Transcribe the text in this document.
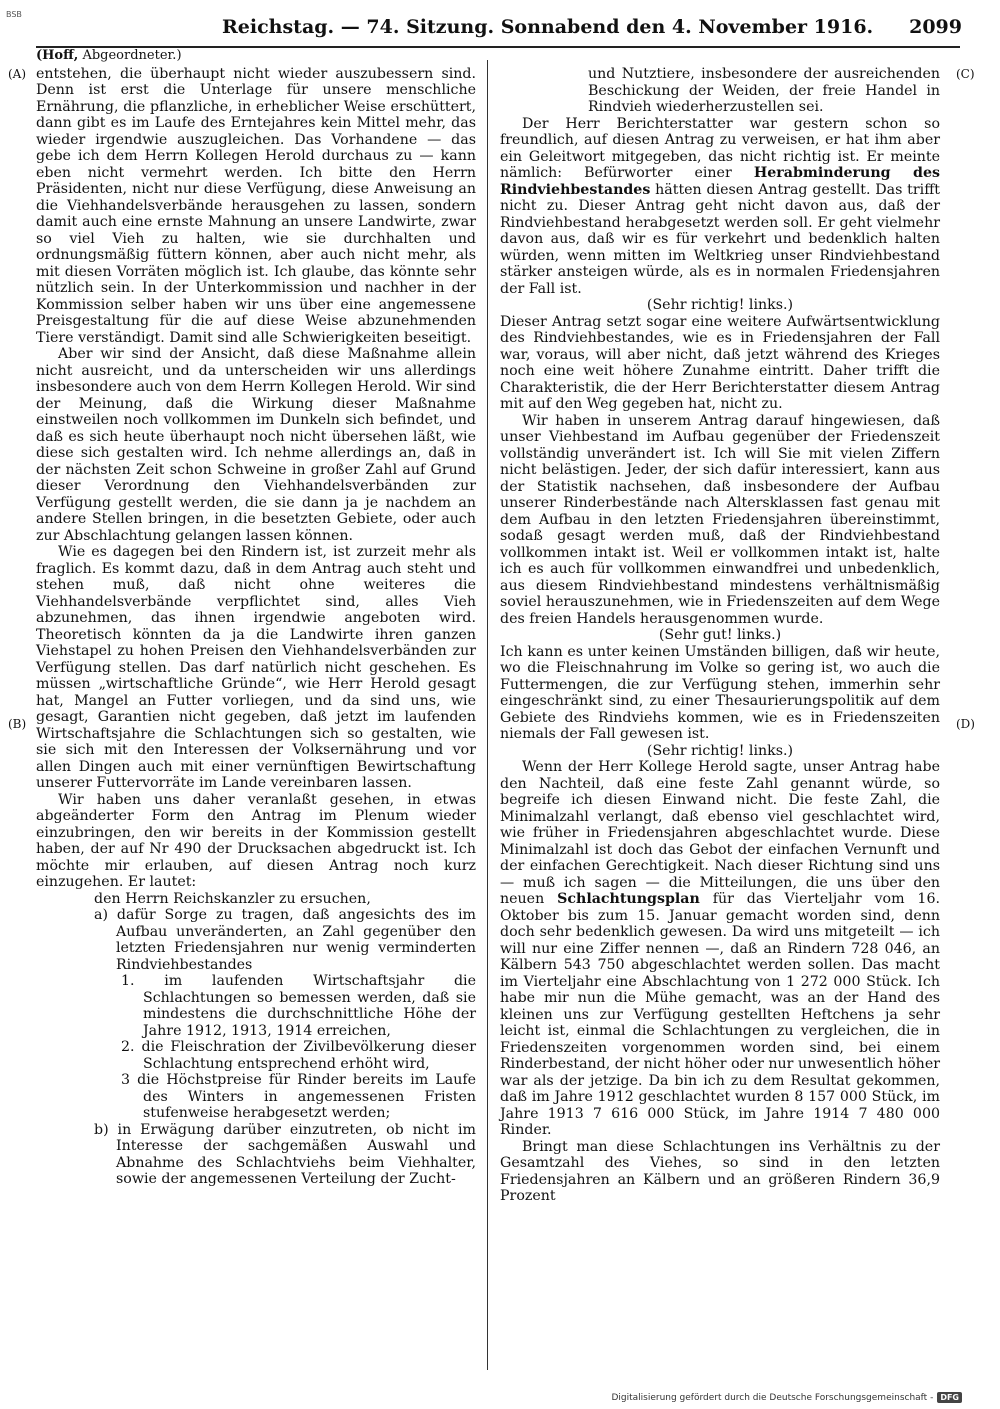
BSB
Reichstag. — 74. Sitzung. Sonnabend den 4. November 1916. 2099
(A)
(B)
(C)
(D)

(Hoff, Abgeordneter.)

entstehen, die überhaupt nicht wieder auszubessern sind. Denn ist erst die Unterlage für unsere menschliche Ernährung, die pflanzliche, in erheblicher Weise erschüttert, dann gibt es im Laufe des Erntejahres kein Mittel mehr, das wieder irgendwie auszugleichen. Das Vorhandene — das gebe ich dem Herrn Kollegen Herold durchaus zu — kann eben nicht vermehrt werden. Ich bitte den Herrn Präsidenten, nicht nur diese Verfügung, diese Anweisung an die Viehhandelsverbände herausgehen zu lassen, sondern damit auch eine ernste Mahnung an unsere Landwirte, zwar so viel Vieh zu halten, wie sie durchhalten und ordnungsmäßig füttern können, aber auch nicht mehr, als mit diesen Vorräten möglich ist. Ich glaube, das könnte sehr nützlich sein. In der Unterkommission und nachher in der Kommission selber haben wir uns über eine angemessene Preisgestaltung für die auf diese Weise abzunehmenden Tiere verständigt. Damit sind alle Schwierigkeiten beseitigt.

Aber wir sind der Ansicht, daß diese Maßnahme allein nicht ausreicht, und da unterscheiden wir uns allerdings insbesondere auch von dem Herrn Kollegen Herold. Wir sind der Meinung, daß die Wirkung dieser Maßnahme einstweilen noch vollkommen im Dunkeln sich befindet, und daß es sich heute überhaupt noch nicht übersehen läßt, wie diese sich gestalten wird. Ich nehme allerdings an, daß in der nächsten Zeit schon Schweine in großer Zahl auf Grund dieser Verordnung den Viehhandelsverbänden zur Verfügung gestellt werden, die sie dann ja je nachdem an andere Stellen bringen, in die besetzten Gebiete, oder auch zur Abschlachtung gelangen lassen können.

Wie es dagegen bei den Rindern ist, ist zurzeit mehr als fraglich. Es kommt dazu, daß in dem Antrag auch steht und stehen muß, daß nicht ohne weiteres die Viehhandelsverbände verpflichtet sind, alles Vieh abzunehmen, das ihnen irgendwie angeboten wird. Theoretisch könnten da ja die Landwirte ihren ganzen Viehstapel zu hohen Preisen den Viehhandelsverbänden zur Verfügung stellen. Das darf natürlich nicht geschehen. Es müssen „wirtschaftliche Gründe“, wie Herr Herold gesagt hat, Mangel an Futter vorliegen, und da sind uns, wie gesagt, Garantien nicht gegeben, daß jetzt im laufenden Wirtschaftsjahre die Schlachtungen sich so gestalten, wie sie sich mit den Interessen der Volksernährung und vor allen Dingen auch mit einer vernünftigen Bewirtschaftung unserer Futtervorräte im Lande vereinbaren lassen.

Wir haben uns daher veranlaßt gesehen, in etwas abgeänderter Form den Antrag im Plenum wieder einzubringen, den wir bereits in der Kommission gestellt haben, der auf Nr 490 der Drucksachen abgedruckt ist. Ich möchte mir erlauben, auf diesen Antrag noch kurz einzugehen. Er lautet:

den Herrn Reichskanzler zu ersuchen,

a) dafür Sorge zu tragen, daß angesichts des im Aufbau unveränderten, an Zahl gegenüber den letzten Friedensjahren nur wenig verminderten Rindviehbestandes

1. im laufenden Wirtschaftsjahr die Schlachtungen so bemessen werden, daß sie mindestens die durchschnittliche Höhe der Jahre 1912, 1913, 1914 erreichen,

2. die Fleischration der Zivilbevölkerung dieser Schlachtung entsprechend erhöht wird,

3 die Höchstpreise für Rinder bereits im Laufe des Winters in angemessenen Fristen stufenweise herabgesetzt werden;

b) in Erwägung darüber einzutreten, ob nicht im Interesse der sachgemäßen Auswahl und Abnahme des Schlachtviehs beim Viehhalter, sowie der angemessenen Verteilung der Zucht-

und Nutztiere, insbesondere der ausreichenden Beschickung der Weiden, der freie Handel in Rindvieh wiederherzustellen sei.

Der Herr Berichterstatter war gestern schon so freundlich, auf diesen Antrag zu verweisen, er hat ihm aber ein Geleitwort mitgegeben, das nicht richtig ist. Er meinte nämlich: Befürworter einer Herabminderung des Rindviehbestandes hätten diesen Antrag gestellt. Das trifft nicht zu. Dieser Antrag geht nicht davon aus, daß der Rindviehbestand herabgesetzt werden soll. Er geht vielmehr davon aus, daß wir es für verkehrt und bedenklich halten würden, wenn mitten im Weltkrieg unser Rindviehbestand stärker ansteigen würde, als es in normalen Friedensjahren der Fall ist.

(Sehr richtig! links.)

Dieser Antrag setzt sogar eine weitere Aufwärtsentwicklung des Rindviehbestandes, wie es in Friedensjahren der Fall war, voraus, will aber nicht, daß jetzt während des Krieges noch eine weit höhere Zunahme eintritt. Daher trifft die Charakteristik, die der Herr Berichterstatter diesem Antrag mit auf den Weg gegeben hat, nicht zu.

Wir haben in unserem Antrag darauf hingewiesen, daß unser Viehbestand im Aufbau gegenüber der Friedenszeit vollständig unverändert ist. Ich will Sie mit vielen Ziffern nicht belästigen. Jeder, der sich dafür interessiert, kann aus der Statistik nachsehen, daß insbesondere der Aufbau unserer Rinderbestände nach Altersklassen fast genau mit dem Aufbau in den letzten Friedensjahren übereinstimmt, sodaß gesagt werden muß, daß der Rindviehbestand vollkommen intakt ist. Weil er vollkommen intakt ist, halte ich es auch für vollkommen einwandfrei und unbedenklich, aus diesem Rindviehbestand mindestens verhältnismäßig soviel herauszunehmen, wie in Friedenszeiten auf dem Wege des freien Handels herausgenommen wurde.

(Sehr gut! links.)

Ich kann es unter keinen Umständen billigen, daß wir heute, wo die Fleischnahrung im Volke so gering ist, wo auch die Futtermengen, die zur Verfügung stehen, immerhin sehr eingeschränkt sind, zu einer Thesaurierungspolitik auf dem Gebiete des Rindviehs kommen, wie es in Friedenszeiten niemals der Fall gewesen ist.

(Sehr richtig! links.)

Wenn der Herr Kollege Herold sagte, unser Antrag habe den Nachteil, daß eine feste Zahl genannt würde, so begreife ich diesen Einwand nicht. Die feste Zahl, die Minimalzahl verlangt, daß ebenso viel geschlachtet wird, wie früher in Friedensjahren abgeschlachtet wurde. Diese Minimalzahl ist doch das Gebot der einfachen Vernunft und der einfachen Gerechtigkeit. Nach dieser Richtung sind uns — muß ich sagen — die Mitteilungen, die uns über den neuen Schlachtungsplan für das Vierteljahr vom 16. Oktober bis zum 15. Januar gemacht worden sind, denn doch sehr bedenklich gewesen. Da wird uns mitgeteilt — ich will nur eine Ziffer nennen —, daß an Rindern 728 046, an Kälbern 543 750 abgeschlachtet werden sollen. Das macht im Vierteljahr eine Abschlachtung von 1 272 000 Stück. Ich habe mir nun die Mühe gemacht, was an der Hand des kleinen uns zur Verfügung gestellten Heftchens ja sehr leicht ist, einmal die Schlachtungen zu vergleichen, die in Friedenszeiten vorgenommen worden sind, bei einem Rinderbestand, der nicht höher oder nur unwesentlich höher war als der jetzige. Da bin ich zu dem Resultat gekommen, daß im Jahre 1912 geschlachtet wurden 8 157 000 Stück, im Jahre 1913 7 616 000 Stück, im Jahre 1914 7 480 000 Rinder.

Bringt man diese Schlachtungen ins Verhältnis zu der Gesamtzahl des Viehes, so sind in den letzten Friedensjahren an Kälbern und an größeren Rindern 36,9 Prozent

Digitalisierung gefördert durch die Deutsche Forschungsgemeinschaft - DFG
